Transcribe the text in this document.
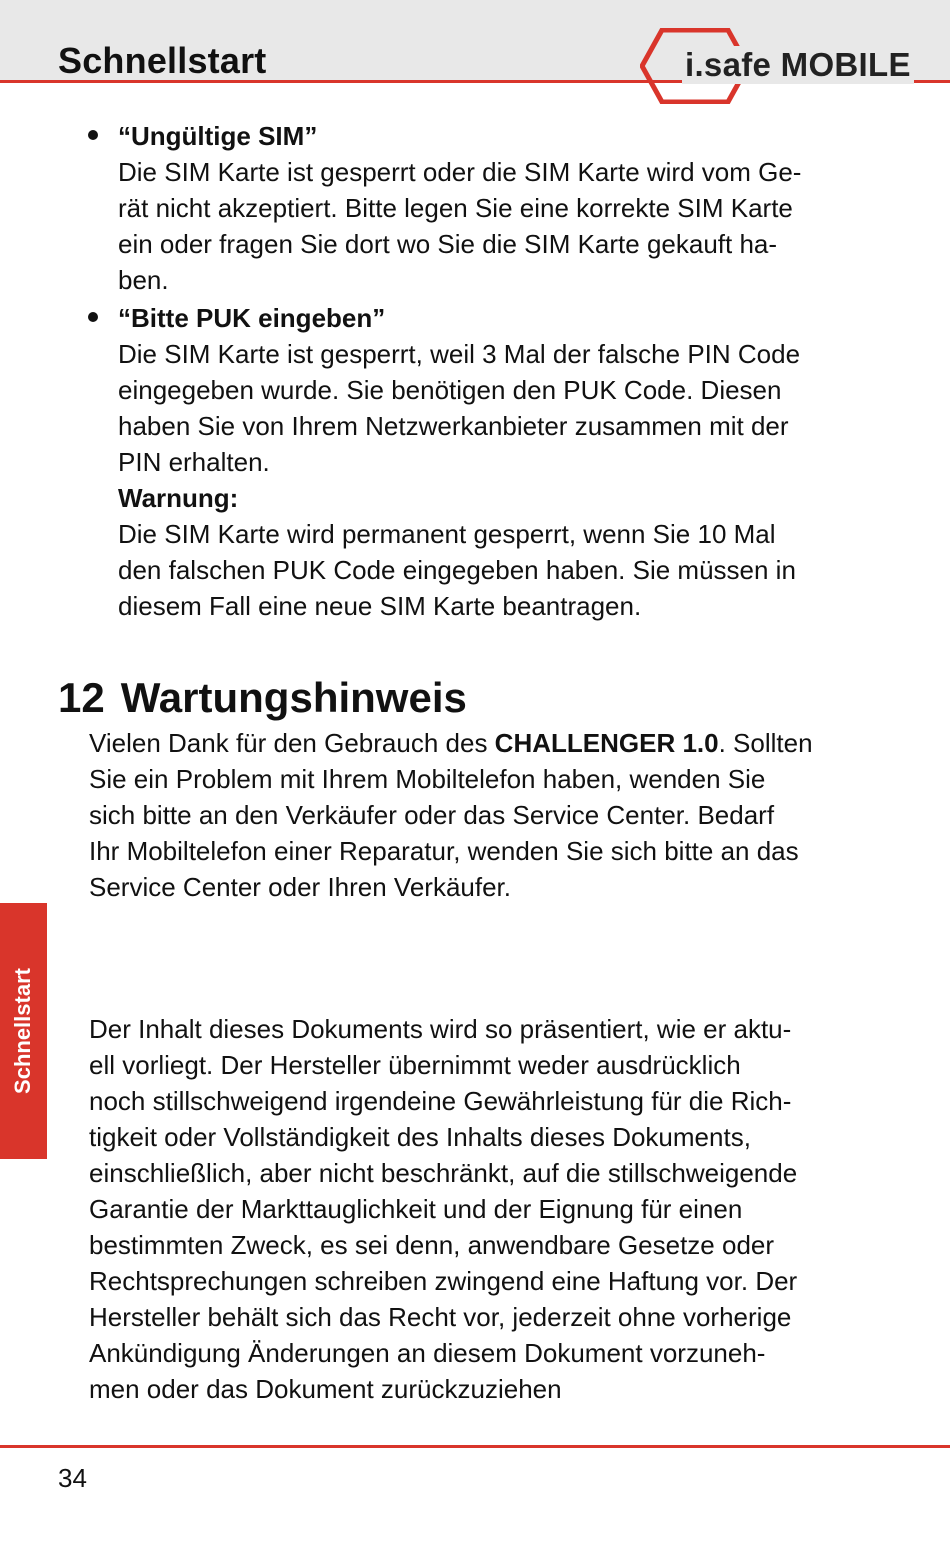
Schnellstart	i.safe MOBILE
“Ungültige SIM”
Die SIM Karte ist gesperrt oder die SIM Karte wird vom Ge-
rät nicht akzeptiert. Bitte legen Sie eine korrekte SIM Karte
ein oder fragen Sie dort wo Sie die SIM Karte gekauft ha-
ben.
“Bitte PUK eingeben”
Die SIM Karte ist gesperrt, weil 3 Mal der falsche PIN Code
eingegeben wurde. Sie benötigen den PUK Code. Diesen
haben Sie von Ihrem Netzwerkanbieter zusammen mit der
PIN erhalten.
Warnung:
Die SIM Karte wird permanent gesperrt, wenn Sie 10 Mal
den falschen PUK Code eingegeben haben. Sie müssen in
diesem Fall eine neue SIM Karte beantragen.
12 Wartungshinweis
Vielen Dank für den Gebrauch des CHALLENGER 1.0. Sollten
Sie ein Problem mit Ihrem Mobiltelefon haben, wenden Sie
sich bitte an den Verkäufer oder das Service Center. Bedarf
Ihr Mobiltelefon einer Reparatur, wenden Sie sich bitte an das
Service Center oder Ihren Verkäufer.
Der Inhalt dieses Dokuments wird so präsentiert, wie er aktu-
ell vorliegt. Der Hersteller übernimmt weder ausdrücklich
noch stillschweigend irgendeine Gewährleistung für die Rich-
tigkeit oder Vollständigkeit des Inhalts dieses Dokuments,
einschließlich, aber nicht beschränkt, auf die stillschweigende
Garantie der Markttauglichkeit und der Eignung für einen
bestimmten Zweck, es sei denn, anwendbare Gesetze oder
Rechtsprechungen schreiben zwingend eine Haftung vor. Der
Hersteller behält sich das Recht vor, jederzeit ohne vorherige
Ankündigung Änderungen an diesem Dokument vorzuneh-
men oder das Dokument zurückzuziehen
Schnellstart
34
